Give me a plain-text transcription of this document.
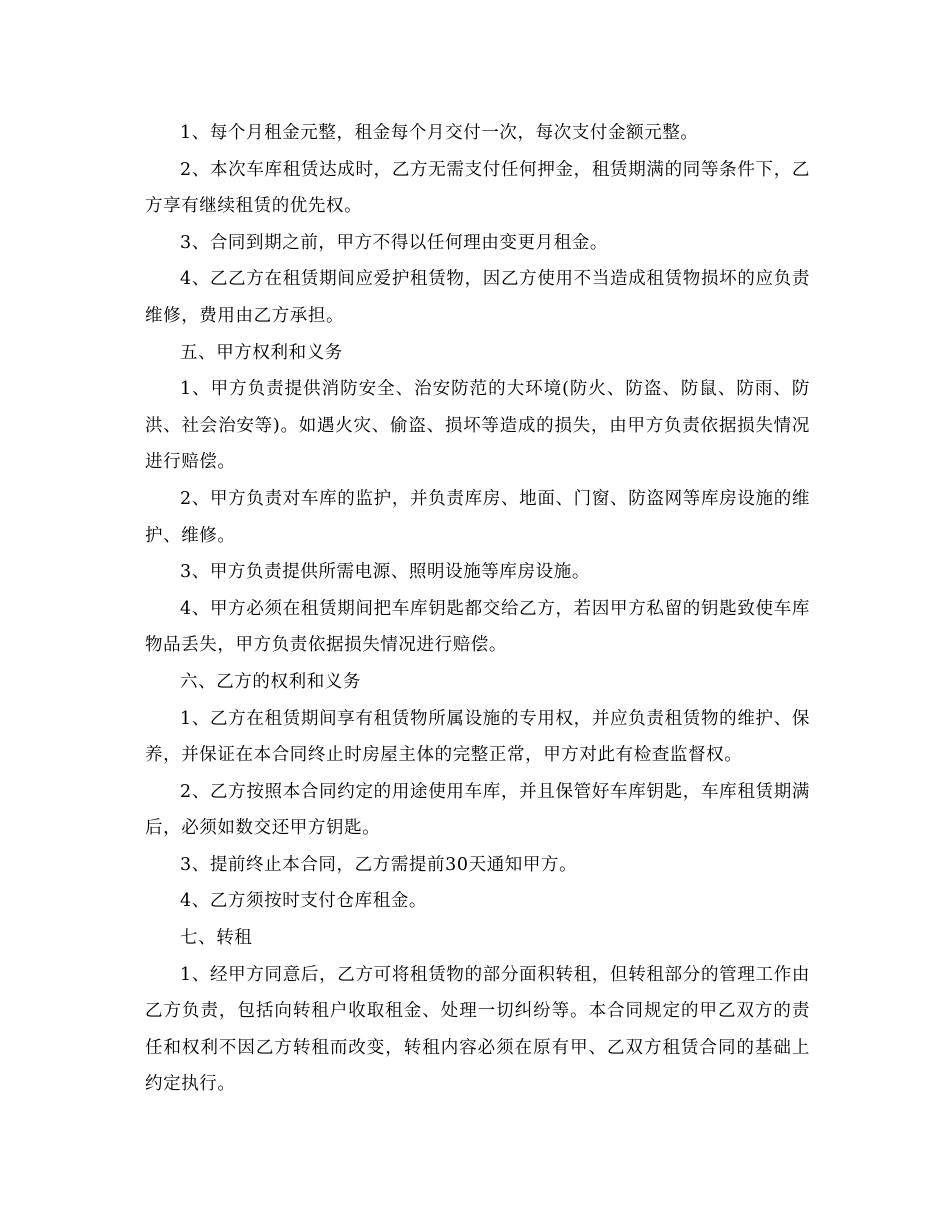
1、每个月租金元整，租金每个月交付一次，每次支付金额元整。

2、本次车库租赁达成时，乙方无需支付任何押金，租赁期满的同等条件下，乙方享有继续租赁的优先权。

3、合同到期之前，甲方不得以任何理由变更月租金。

4、乙乙方在租赁期间应爱护租赁物，因乙方使用不当造成租赁物损坏的应负责维修，费用由乙方承担。

五、甲方权利和义务

1、甲方负责提供消防安全、治安防范的大环境(防火、防盗、防鼠、防雨、防洪、社会治安等)。如遇火灾、偷盗、损坏等造成的损失，由甲方负责依据损失情况进行赔偿。

2、甲方负责对车库的监护，并负责库房、地面、门窗、防盗网等库房设施的维护、维修。

3、甲方负责提供所需电源、照明设施等库房设施。

4、甲方必须在租赁期间把车库钥匙都交给乙方，若因甲方私留的钥匙致使车库物品丢失，甲方负责依据损失情况进行赔偿。

六、乙方的权利和义务

1、乙方在租赁期间享有租赁物所属设施的专用权，并应负责租赁物的维护、保养，并保证在本合同终止时房屋主体的完整正常，甲方对此有检查监督权。

2、乙方按照本合同约定的用途使用车库，并且保管好车库钥匙，车库租赁期满后，必须如数交还甲方钥匙。

3、提前终止本合同，乙方需提前30天通知甲方。

4、乙方须按时支付仓库租金。

七、转租

1、经甲方同意后，乙方可将租赁物的部分面积转租，但转租部分的管理工作由乙方负责，包括向转租户收取租金、处理一切纠纷等。本合同规定的甲乙双方的责任和权利不因乙方转租而改变，转租内容必须在原有甲、乙双方租赁合同的基础上约定执行。
